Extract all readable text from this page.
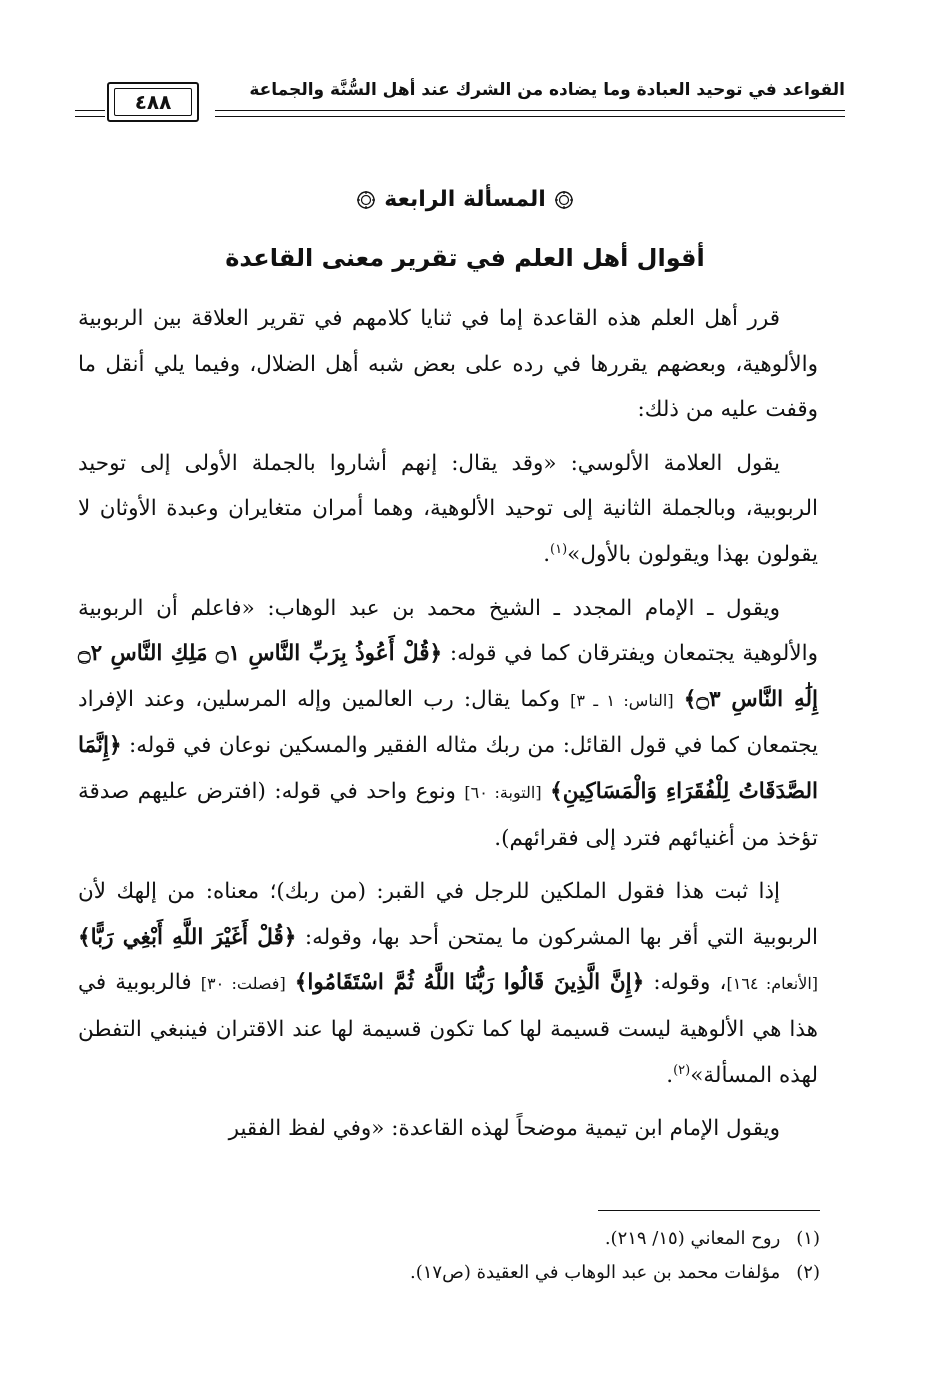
القواعد في توحيد العبادة وما يضاده من الشرك عند أهل السُّنَّة والجماعة
٤٨٨
المسألة الرابعة
أقوال أهل العلم في تقرير معنى القاعدة

قرر أهل العلم هذه القاعدة إما في ثنايا كلامهم في تقرير العلاقة بين الربوبية والألوهية، وبعضهم يقررها في رده على بعض شبه أهل الضلال، وفيما يلي أنقل ما وقفت عليه من ذلك:

يقول العلامة الألوسي: «وقد يقال: إنهم أشاروا بالجملة الأولى إلى توحيد الربوبية، وبالجملة الثانية إلى توحيد الألوهية، وهما أمران متغايران وعبدة الأوثان لا يقولون بهذا ويقولون بالأول»$^{(١)}$.

ويقول ـ الإمام المجدد ـ الشيخ محمد بن عبد الوهاب: «فاعلم أن الربوبية والألوهية يجتمعان ويفترقان كما في قوله: ﴿قُلْ أَعُوذُ بِرَبِّ النَّاسِ ۝١ مَلِكِ النَّاسِ ۝٢ إِلَٰهِ النَّاسِ ۝٣﴾ [الناس: ١ ـ ٣] وكما يقال: رب العالمين وإله المرسلين، وعند الإفراد يجتمعان كما في قول القائل: من ربك مثاله الفقير والمسكين نوعان في قوله: ﴿إِنَّمَا الصَّدَقَاتُ لِلْفُقَرَاءِ وَالْمَسَاكِينِ﴾ [التوبة: ٦٠] ونوع واحد في قوله: (افترض عليهم صدقة تؤخذ من أغنيائهم فترد إلى فقرائهم).

إذا ثبت هذا فقول الملكين للرجل في القبر: (من ربك)؛ معناه: من إلهك لأن الربوبية التي أقر بها المشركون ما يمتحن أحد بها، وقوله: ﴿قُلْ أَغَيْرَ اللَّهِ أَبْغِي رَبًّا﴾ [الأنعام: ١٦٤]، وقوله: ﴿إِنَّ الَّذِينَ قَالُوا رَبُّنَا اللَّهُ ثُمَّ اسْتَقَامُوا﴾ [فصلت: ٣٠] فالربوبية في هذا هي الألوهية ليست قسيمة لها كما تكون قسيمة لها عند الاقتران فينبغي التفطن لهذه المسألة»$^{(٢)}$.

ويقول الإمام ابن تيمية موضحاً لهذه القاعدة: «وفي لفظ الفقير

(١) روح المعاني (١٥/ ٢١٩).
(٢) مؤلفات محمد بن عبد الوهاب في العقيدة (ص١٧).
